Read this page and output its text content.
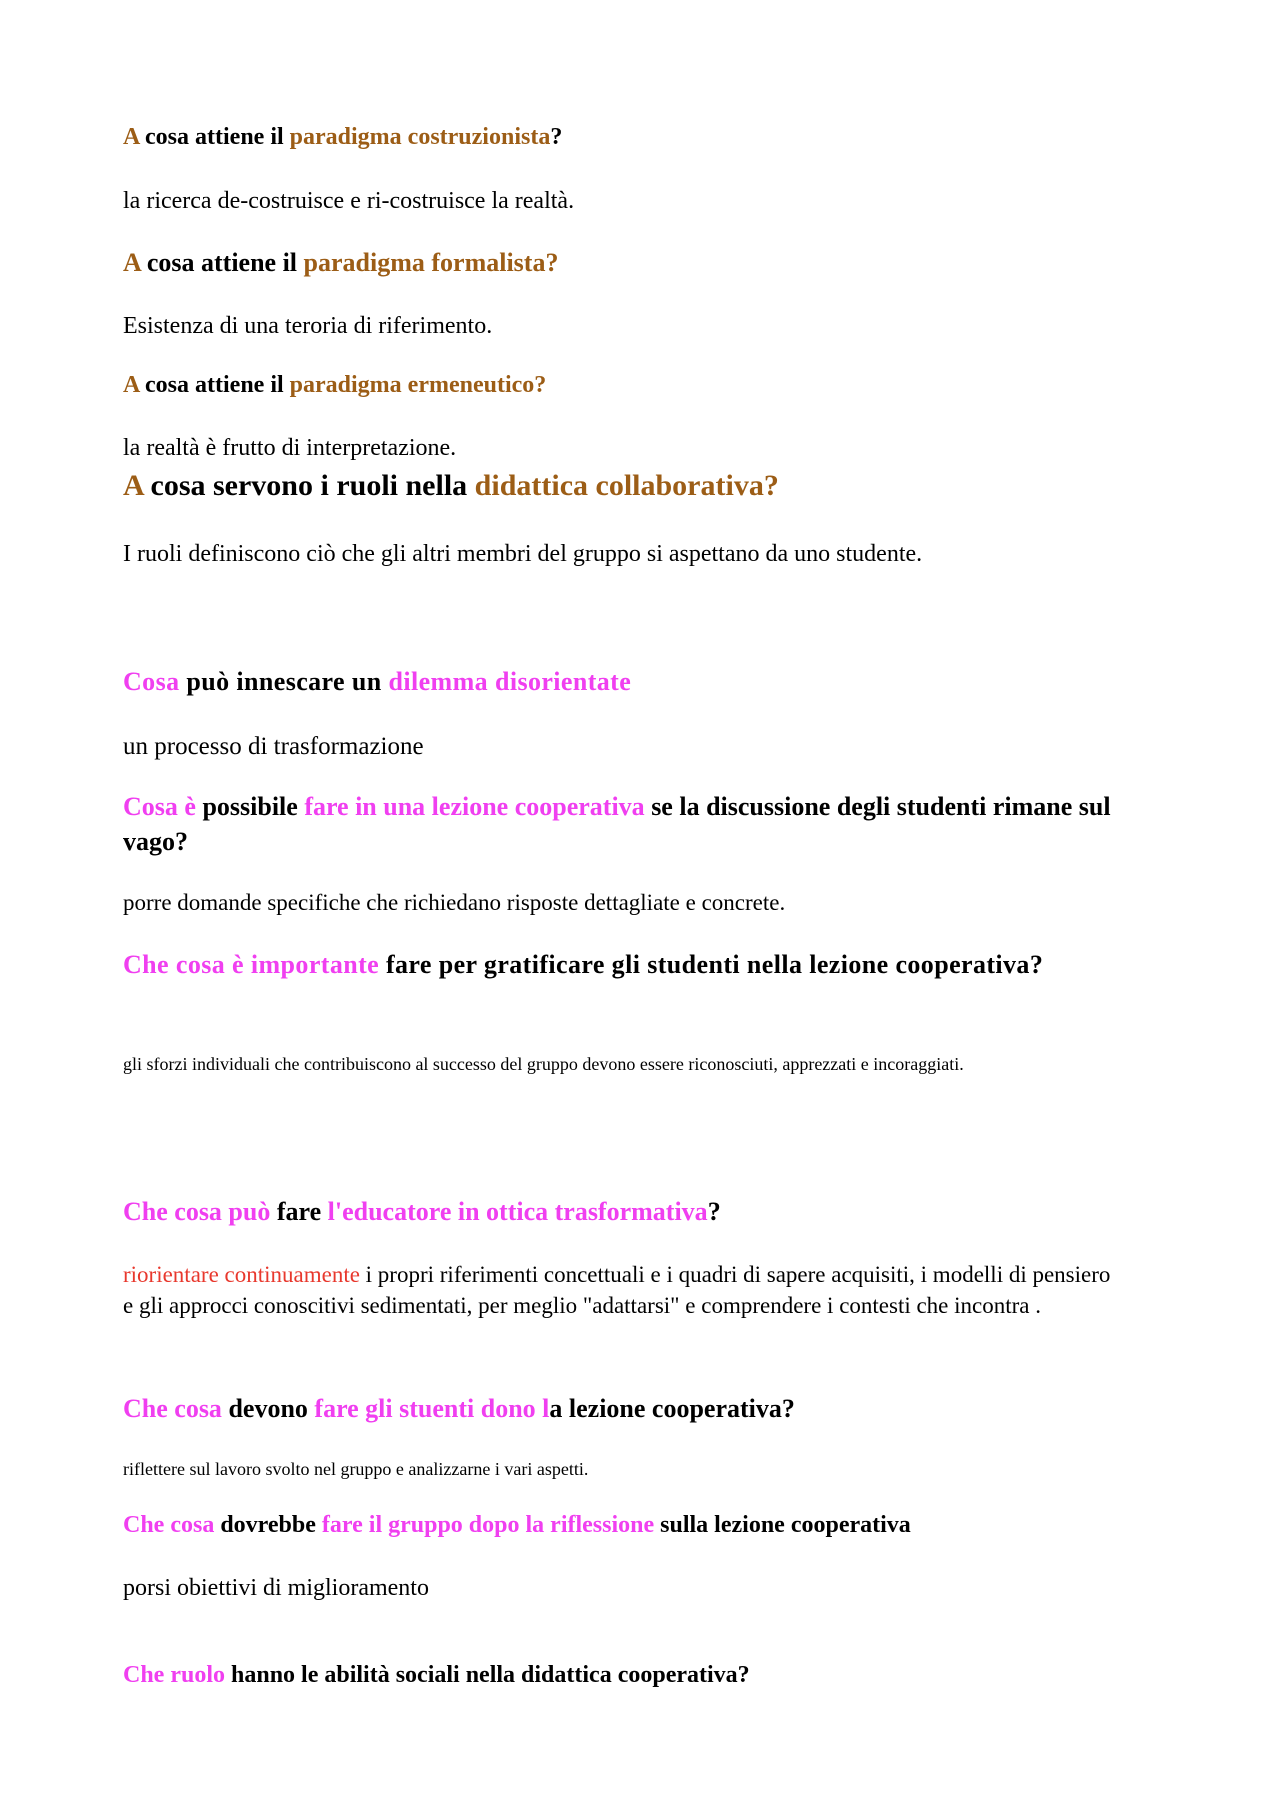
A cosa attiene il paradigma costruzionista?

la ricerca de-costruisce e ri-costruisce la realtà.

A cosa attiene il paradigma formalista?

Esistenza di una teroria di riferimento.

A cosa attiene il paradigma ermeneutico?

la realtà è frutto di interpretazione.

A cosa servono i ruoli nella didattica collaborativa?

I ruoli definiscono ciò che gli altri membri del gruppo si aspettano da uno studente.

Cosa può innescare un dilemma disorientate

un processo di trasformazione

Cosa è possibile fare in una lezione cooperativa se la discussione degli studenti rimane sul vago?

porre domande specifiche che richiedano risposte dettagliate e concrete.

Che cosa è importante fare per gratificare gli studenti nella lezione cooperativa?

gli sforzi individuali che contribuiscono al successo del gruppo devono essere riconosciuti, apprezzati e incoraggiati.

Che cosa può fare l'educatore in ottica trasformativa?

riorientare continuamente i propri riferimenti concettuali e i quadri di sapere acquisiti, i modelli di pensiero e gli approcci conoscitivi sedimentati, per meglio "adattarsi" e comprendere i contesti che incontra .

Che cosa devono fare gli stuenti dono la lezione cooperativa?

riflettere sul lavoro svolto nel gruppo e analizzarne i vari aspetti.

Che cosa dovrebbe fare il gruppo dopo la riflessione sulla lezione cooperativa

porsi obiettivi di miglioramento

Che ruolo hanno le abilità sociali nella didattica cooperativa?
